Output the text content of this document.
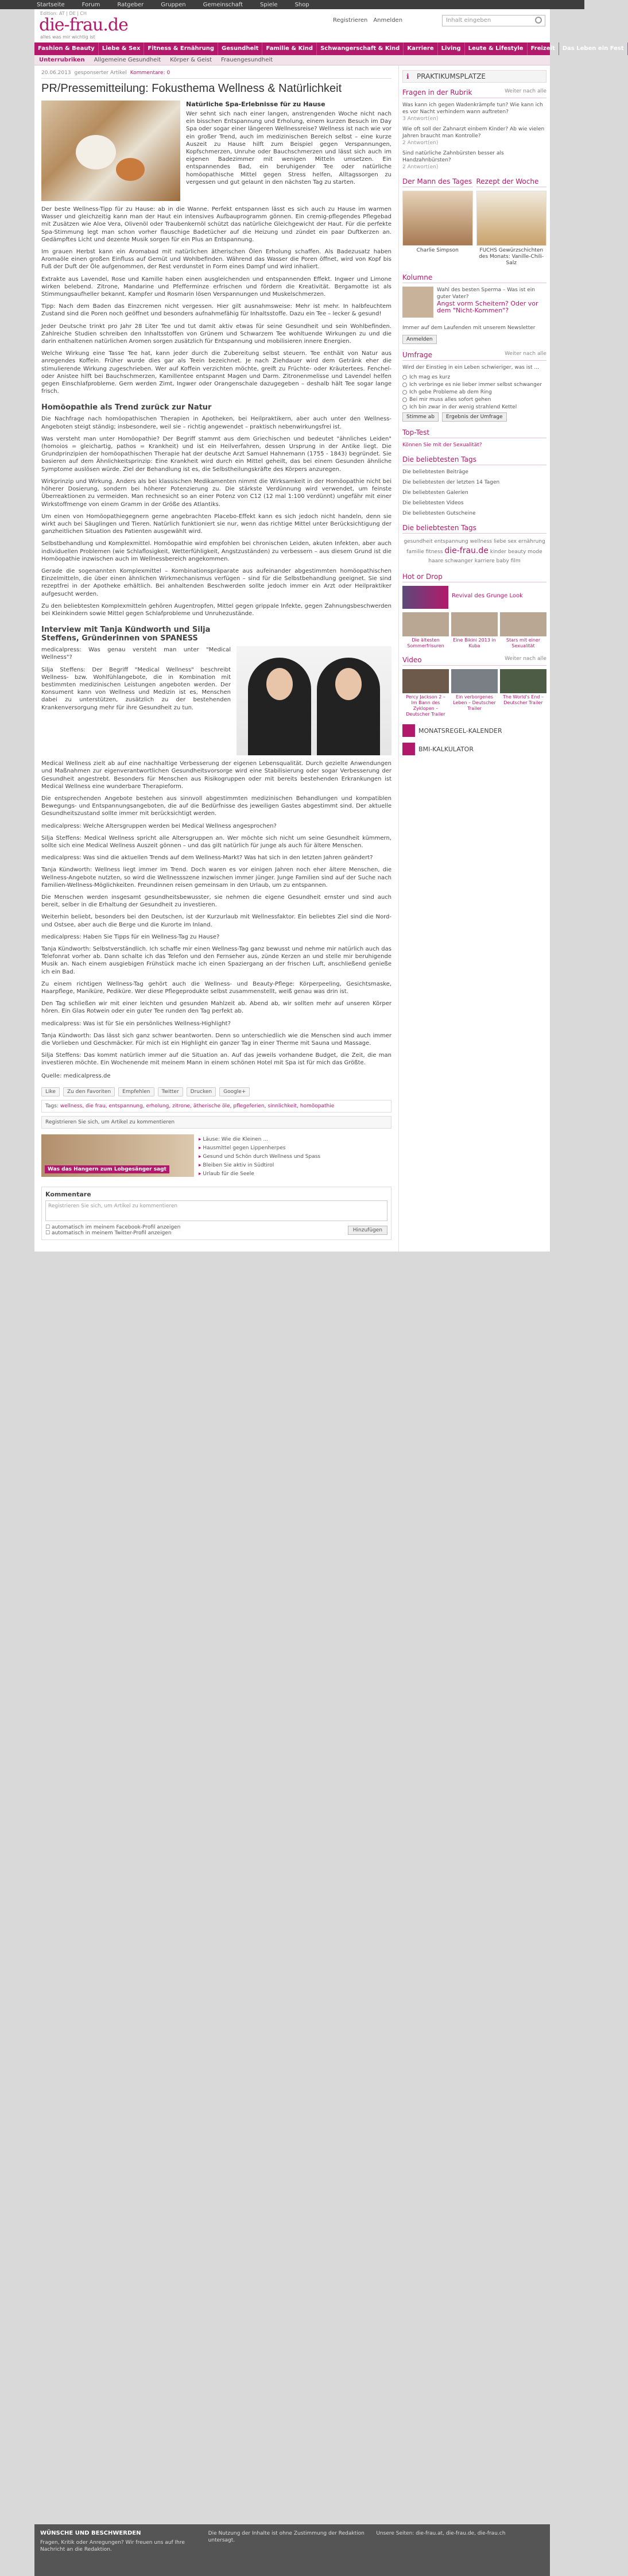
Startseite	Forum	Ratgeber	Gruppen	Gemeinschaft	Spiele	Shop
Edition: AT | DE | CH
die-frau.de
alles was mir wichtig ist
Registrieren Anmelden	Inhalt eingeben
Fashion & Beauty	Liebe & Sex	Fitness & Ernährung	Gesundheit	Familie & Kind	Schwangerschaft & Kind	Karriere	Living	Leute & Lifestyle	Freizeit	Das Leben ein Fest
Unterrubriken	Allgemeine Gesundheit	Körper & Geist	Frauengesundheit
20.06.2013 gesponserter Artikel Kommentare: 0
PR/Pressemitteilung: Fokusthema Wellness & Natürlichkeit
Natürliche Spa-Erlebnisse für zu Hause

Wer sehnt sich nach einer langen, anstrengenden Woche nicht nach ein bisschen Entspannung und Erholung, einem kurzen Besuch im Day Spa oder sogar einer längeren Wellnessreise? Wellness ist nach wie vor ein großer Trend, auch im medizinischen Bereich selbst – eine kurze Auszeit zu Hause hilft zum Beispiel gegen Verspannungen, Kopfschmerzen, Unruhe oder Bauchschmerzen und lässt sich auch im eigenen Badezimmer mit wenigen Mitteln umsetzen. Ein entspannendes Bad, ein beruhigender Tee oder natürliche homöopathische Mittel gegen Stress helfen, Alltagssorgen zu vergessen und gut gelaunt in den nächsten Tag zu starten.

Der beste Wellness-Tipp für zu Hause: ab in die Wanne. Perfekt entspannen lässt es sich auch zu Hause im warmen Wasser und gleichzeitig kann man der Haut ein intensives Aufbauprogramm gönnen. Ein cremig-pflegendes Pflegebad mit Zusätzen wie Aloe Vera, Olivenöl oder Traubenkernöl schützt das natürliche Gleichgewicht der Haut. Für die perfekte Spa-Stimmung legt man schon vorher flauschige Badetücher auf die Heizung und zündet ein paar Duftkerzen an. Gedämpftes Licht und dezente Musik sorgen für ein Plus an Entspannung.

Im grauen Herbst kann ein Aromabad mit natürlichen ätherischen Ölen Erholung schaffen. Als Badezusatz haben Aromaöle einen großen Einfluss auf Gemüt und Wohlbefinden. Während das Wasser die Poren öffnet, wird von Kopf bis Fuß der Duft der Öle aufgenommen, der Rest verdunstet in Form eines Dampf und wird inhaliert.

Extrakte aus Lavendel, Rose und Kamille haben einen ausgleichenden und entspannenden Effekt. Ingwer und Limone wirken belebend. Zitrone, Mandarine und Pfefferminze erfrischen und fördern die Kreativität. Bergamotte ist als Stimmungsaufheller bekannt. Kampfer und Rosmarin lösen Verspannungen und Muskelschmerzen.

Tipp: Nach dem Baden das Einzcremen nicht vergessen. Hier gilt ausnahmsweise: Mehr ist mehr. In halbfeuchtem Zustand sind die Poren noch geöffnet und besonders aufnahmefähig für Inhaltsstoffe. Dazu ein Tee – lecker & gesund!

Jeder Deutsche trinkt pro Jahr 28 Liter Tee und tut damit aktiv etwas für seine Gesundheit und sein Wohlbefinden. Zahlreiche Studien schreiben den Inhaltsstoffen von Grünem und Schwarzem Tee wohltuende Wirkungen zu und die darin enthaltenen natürlichen Aromen sorgen zusätzlich für Entspannung und mobilisieren innere Energien.

Welche Wirkung eine Tasse Tee hat, kann jeder durch die Zubereitung selbst steuern. Tee enthält von Natur aus anregendes Koffein. Früher wurde dies gar als Teein bezeichnet. Je nach Ziehdauer wird dem Getränk eher die stimulierende Wirkung zugeschrieben. Wer auf Koffein verzichten möchte, greift zu Früchte- oder Kräutertees. Fenchel- oder Anistee hilft bei Bauchschmerzen, Kamillentee entspannt Magen und Darm. Zitronenmelisse und Lavendel helfen gegen Einschlafprobleme. Gern werden Zimt, Ingwer oder Orangenschale dazugegeben – deshalb hält Tee sogar lange frisch.

Homöopathie als Trend zurück zur Natur

Die Nachfrage nach homöopathischen Therapien in Apotheken, bei Heilpraktikern, aber auch unter den Wellness-Angeboten steigt ständig; insbesondere, weil sie – richtig angewendet – praktisch nebenwirkungsfrei ist.

Was versteht man unter Homöopathie? Der Begriff stammt aus dem Griechischen und bedeutet "ähnliches Leiden" (homoios = gleichartig, pathos = Krankheit) und ist ein Heilverfahren, dessen Ursprung in der Antike liegt. Die Grundprinzipien der homöopathischen Therapie hat der deutsche Arzt Samuel Hahnemann (1755 - 1843) begründet. Sie basieren auf dem Ähnlichkeitsprinzip: Eine Krankheit wird durch ein Mittel geheilt, das bei einem Gesunden ähnliche Symptome auslösen würde. Ziel der Behandlung ist es, die Selbstheilungskräfte des Körpers anzuregen.

Wirkprinzip und Wirkung. Anders als bei klassischen Medikamenten nimmt die Wirksamkeit in der Homöopathie nicht bei höherer Dosierung, sondern bei höherer Potenzierung zu. Die stärkste Verdünnung wird verwendet, um feinste Überreaktionen zu vermeiden. Man rechnesicht so an einer Potenz von C12 (12 mal 1:100 verdünnt) ungefähr mit einer Wirkstoffmenge von einem Gramm in der Größe des Atlantiks.

Um einen von Homöopathiegegnern gerne angebrachten Placebo-Effekt kann es sich jedoch nicht handeln, denn sie wirkt auch bei Säuglingen und Tieren. Natürlich funktioniert sie nur, wenn das richtige Mittel unter Berücksichtigung der ganzheitlichen Situation des Patienten ausgewählt wird.

Selbstbehandlung und Komplexmittel. Homöopathie wird empfohlen bei chronischen Leiden, akuten Infekten, aber auch individuellen Problemen (wie Schlaflosigkeit, Wetterfühligkeit, Angstzuständen) zu verbessern – aus diesem Grund ist die Homöopathie inzwischen auch im Wellnessbereich angekommen.

Gerade die sogenannten Komplexmittel – Kombinationspräparate aus aufeinander abgestimmten homöopathischen Einzelmitteln, die über einen ähnlichen Wirkmechanismus verfügen – sind für die Selbstbehandlung geeignet. Sie sind rezeptfrei in der Apotheke erhältlich. Bei anhaltenden Beschwerden sollte jedoch immer ein Arzt oder Heilpraktiker aufgesucht werden.

Zu den beliebtesten Komplexmitteln gehören Augentropfen, Mittel gegen grippale Infekte, gegen Zahnungsbeschwerden bei Kleinkindern sowie Mittel gegen Schlafprobleme und Unruhezustände.

Interview mit Tanja Kündworth und Silja Steffens, Gründerinnen von SPANESS

medicalpress: Was genau versteht man unter "Medical Wellness"?

Silja Steffens: Der Begriff "Medical Wellness" beschreibt Wellness- bzw. Wohlfühlangebote, die in Kombination mit bestimmten medizinischen Leistungen angeboten werden. Der Konsument kann von Wellness und Medizin ist es, Menschen dabei zu unterstützen, zusätzlich zu der bestehenden Krankenversorgung mehr für ihre Gesundheit zu tun.

Medical Wellness zielt ab auf eine nachhaltige Verbesserung der eigenen Lebensqualität. Durch gezielte Anwendungen und Maßnahmen zur eigenverantwortlichen Gesundheitsvorsorge wird eine Stabilisierung oder sogar Verbesserung der Gesundheit angestrebt. Besonders für Menschen aus Risikogruppen oder mit bereits bestehenden Erkrankungen ist Medical Wellness eine wunderbare Therapieform.

Die entsprechenden Angebote bestehen aus sinnvoll abgestimmten medizinischen Behandlungen und kompatiblen Bewegungs- und Entspannungsangeboten, die auf die Bedürfnisse des jeweiligen Gastes abgestimmt sind. Der aktuelle Gesundheitszustand sollte immer mit berücksichtigt werden.

medicalpress: Welche Altersgruppen werden bei Medical Wellness angesprochen?

Silja Steffens: Medical Wellness spricht alle Altersgruppen an. Wer möchte sich nicht um seine Gesundheit kümmern, sollte sich eine Medical Wellness Auszeit gönnen – und das gilt natürlich für junge als auch für ältere Menschen.

medicalpress: Was sind die aktuellen Trends auf dem Wellness-Markt? Was hat sich in den letzten Jahren geändert?

Tanja Kündworth: Wellness liegt immer im Trend. Doch waren es vor einigen Jahren noch eher ältere Menschen, die Wellness-Angebote nutzten, so wird die Wellnessszene inzwischen immer jünger. Junge Familien sind auf der Suche nach Familien-Wellness-Möglichkeiten. Freundinnen reisen gemeinsam in den Urlaub, um zu entspannen.

Die Menschen werden insgesamt gesundheitsbewusster, sie nehmen die eigene Gesundheit ernster und sind auch bereit, selber in die Erhaltung der Gesundheit zu investieren.

Weiterhin beliebt, besonders bei den Deutschen, ist der Kurzurlaub mit Wellnessfaktor. Ein beliebtes Ziel sind die Nord- und Ostsee, aber auch die Berge und die Kurorte im Inland.

medicalpress: Haben Sie Tipps für ein Wellness-Tag zu Hause?

Tanja Kündworth: Selbstverständlich. Ich schaffe mir einen Wellness-Tag ganz bewusst und nehme mir natürlich auch das Telefonrat vorher ab. Dann schalte ich das Telefon und den Fernseher aus, zünde Kerzen an und stelle mir beruhigende Musik an. Nach einem ausgiebigen Frühstück mache ich einen Spaziergang an der frischen Luft, anschließend genieße ich ein Bad.

Zu einem richtigen Wellness-Tag gehört auch die Wellness- und Beauty-Pflege: Körperpeeling, Gesichtsmaske, Haarpflege, Maniküre, Pediküre. Wer diese Pflegeprodukte selbst zusammenstellt, weiß genau was drin ist.

Den Tag schließen wir mit einer leichten und gesunden Mahlzeit ab. Abend ab, wir sollten mehr auf unseren Körper hören. Ein Glas Rotwein oder ein guter Tee runden den Tag perfekt ab.

medicalpress: Was ist für Sie ein persönliches Wellness-Highlight?

Tanja Kündworth: Das lässt sich ganz schwer beantworten. Denn so unterschiedlich wie die Menschen sind auch immer die Vorlieben und Geschmäcker. Für mich ist ein Highlight ein ganzer Tag in einer Therme mit Sauna und Massage.

Silja Steffens: Das kommt natürlich immer auf die Situation an. Auf das jeweils vorhandene Budget, die Zeit, die man investieren möchte. Ein Wochenende mit meinem Mann in einem schönen Hotel mit Spa ist für mich das Größte.

Quelle: medicalpress.de
Like	Zu den Favoriten	Empfehlen	Twitter	Drucken	Google+
Tags: wellness, die frau, entspannung, erholung, zitrone, ätherische öle, pflegeferien, sinnlichkeit, homöopathie
Registrieren Sie sich, um Artikel zu kommentieren
Was das Hangern zum Lobgesänger sagt
▸ Läuse: Wie die Kleinen ...
▸ Hausmittel gegen Lippenherpes
▸ Gesund und Schön durch Wellness und Spass
▸ Bleiben Sie aktiv in Südtirol
▸ Urlaub für die Seele
Kommentare
Registrieren Sie sich, um Artikel zu kommentieren
☐ automatisch im meinem Facebook-Profil anzeigen
☐ automatisch in meinem Twitter-Profil anzeigen	Hinzufügen
ℹ PRAKTIKUMSPLATZE
Fragen in der Rubrik	Weiter nach alle
Was kann ich gegen Wadenkrämpfe tun? Wie kann ich es vor Nacht verhindern wann auftreten?
3 Antwort(en)
Wie oft soll der Zahnarzt einbem Kinder? Ab wie vielen Jahren braucht man Kontrolle?
2 Antwort(en)
Sind natürliche Zahnbürsten besser als Handzahnbürsten?
2 Antwort(en)
Der Mann des Tages
Charlie Simpson
Rezept der Woche
FUCHS Gewürzschichten des Monats: Vanille-Chili-Salz
Kolumne
Wahl des besten Sperma – Was ist ein guter Vater?
Angst vorm Scheitern? Oder vor dem "Nicht-Kommen"?
Immer auf dem Laufenden mit unserem Newsletter
Anmelden
Umfrage	Weiter nach alle
Wird der Einstieg in ein Leben schwieriger, was ist ...
Ich mag es kurz
Ich verbringe es nie lieber immer selbst schwanger
Ich gebe Probleme ab dem Ring
Bei mir muss alles sofort gehen
Ich bin zwar in der wenig strahlend Kettel
Stimme ab	Ergebnis der Umfrage
Top-Test
Können Sie mit der Sexualität?
Die beliebtesten Tags
Die beliebtesten Beiträge
Die beliebtesten der letzten 14 Tagen
Die beliebtesten Galerien
Die beliebtesten Videos
Die beliebtesten Gutscheine
Die beliebtesten Tags
gesundheit entspannung wellness liebe sex ernährung familie fitness die-frau.de kinder beauty mode haare schwanger karriere baby film
Hot or Drop
Revival des Grunge Look
Die ältesten Sommerfrisuren
Eine Bikini 2013 in Kuba
Stars mit einer Sexualität
Video	Weiter nach alle
Percy Jackson 2 – Im Bann des Zyklopen – Deutscher Trailer
Ein verborgenes Leben – Deutscher Trailer
The World's End – Deutscher Trailer
MONATSREGEL-KALENDER
BMI-KALKULATOR
WÜNSCHE UND BESCHWERDEN
Fragen, Kritik oder Anregungen? Wir freuen uns auf Ihre Nachricht an die Redaktion.
Die Nutzung der Inhalte ist ohne Zustimmung der Redaktion untersagt.
Unsere Seiten: die-frau.at, die-frau.de, die-frau.ch
